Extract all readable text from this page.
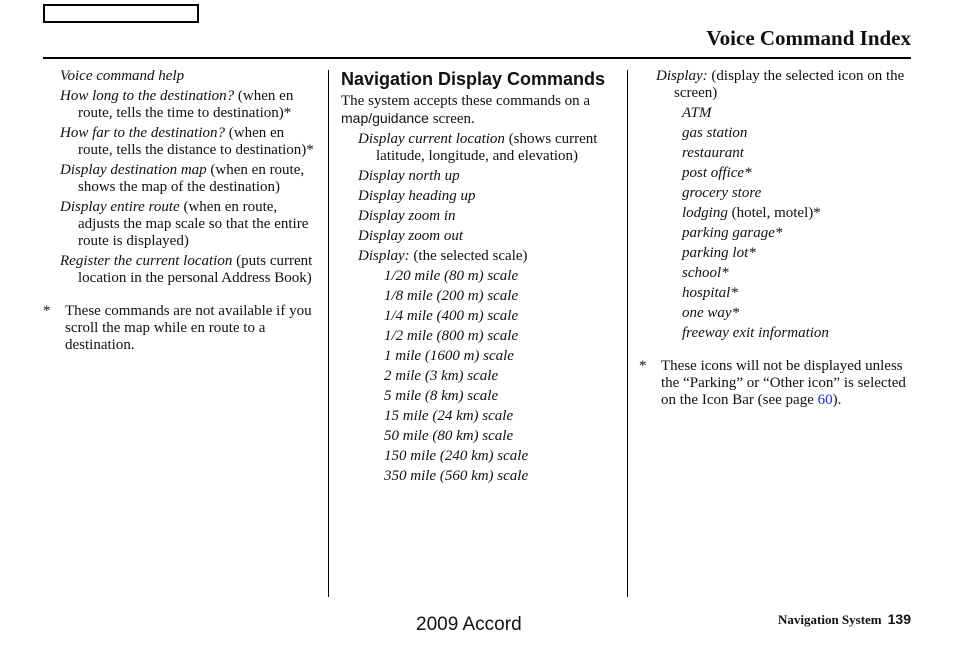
Voice Command Index
Voice command help
How long to the destination? (when en route, tells the time to destination)*
How far to the destination? (when en route, tells the distance to destination)*
Display destination map (when en route, shows the map of the destination)
Display entire route (when en route, adjusts the map scale so that the entire route is displayed)
Register the current location (puts current location in the personal Address Book)
* These commands are not available if you scroll the map while en route to a destination.
Navigation Display Commands
The system accepts these commands on a map/guidance screen.
Display current location (shows current latitude, longitude, and elevation)
Display north up
Display heading up
Display zoom in
Display zoom out
Display: (the selected scale)
1/20 mile (80 m) scale
1/8 mile (200 m) scale
1/4 mile (400 m) scale
1/2 mile (800 m) scale
1 mile (1600 m) scale
2 mile (3 km) scale
5 mile (8 km) scale
15 mile (24 km) scale
50 mile (80 km) scale
150 mile (240 km) scale
350 mile (560 km) scale
Display: (display the selected icon on the screen)
ATM
gas station
restaurant
post office*
grocery store
lodging (hotel, motel)*
parking garage*
parking lot*
school*
hospital*
one way*
freeway exit information
* These icons will not be displayed unless the “Parking” or “Other icon” is selected on the Icon Bar (see page 60).
2009 Accord	Navigation System 139
